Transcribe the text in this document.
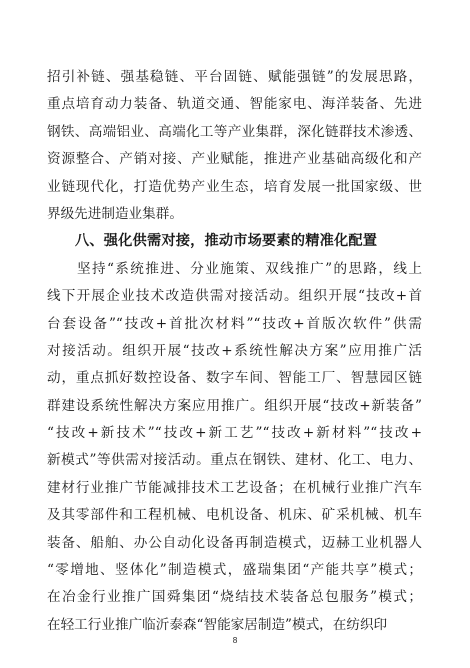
招引补链、强基稳链、平台固链、赋能强链”的发展思路，
重点培育动力装备、轨道交通、智能家电、海洋装备、先进
钢铁、高端铝业、高端化工等产业集群，深化链群技术渗透、
资源整合、产销对接、产业赋能，推进产业基础高级化和产
业链现代化，打造优势产业生态，培育发展一批国家级、世
界级先进制造业集群。
八、强化供需对接，推动市场要素的精准化配置
　　坚持“系统推进、分业施策、双线推广”的思路，线上
线下开展企业技术改造供需对接活动。组织开展“技改+首
台套设备”“技改+首批次材料”“技改+首版次软件”供需
对接活动。组织开展“技改+系统性解决方案”应用推广活
动，重点抓好数控设备、数字车间、智能工厂、智慧园区链
群建设系统性解决方案应用推广。组织开展“技改+新装备”
“技改+新技术”“技改+新工艺”“技改+新材料”“技改+
新模式”等供需对接活动。重点在钢铁、建材、化工、电力、
建材行业推广节能减排技术工艺设备；在机械行业推广汽车
及其零部件和工程机械、电机设备、机床、矿采机械、机车
装备、船舶、办公自动化设备再制造模式，迈赫工业机器人
“零增地、竖体化”制造模式，盛瑞集团“产能共享”模式；
在冶金行业推广国舜集团“烧结技术装备总包服务”模式；
在轻工行业推广临沂泰森“智能家居制造”模式，在纺织印
8
